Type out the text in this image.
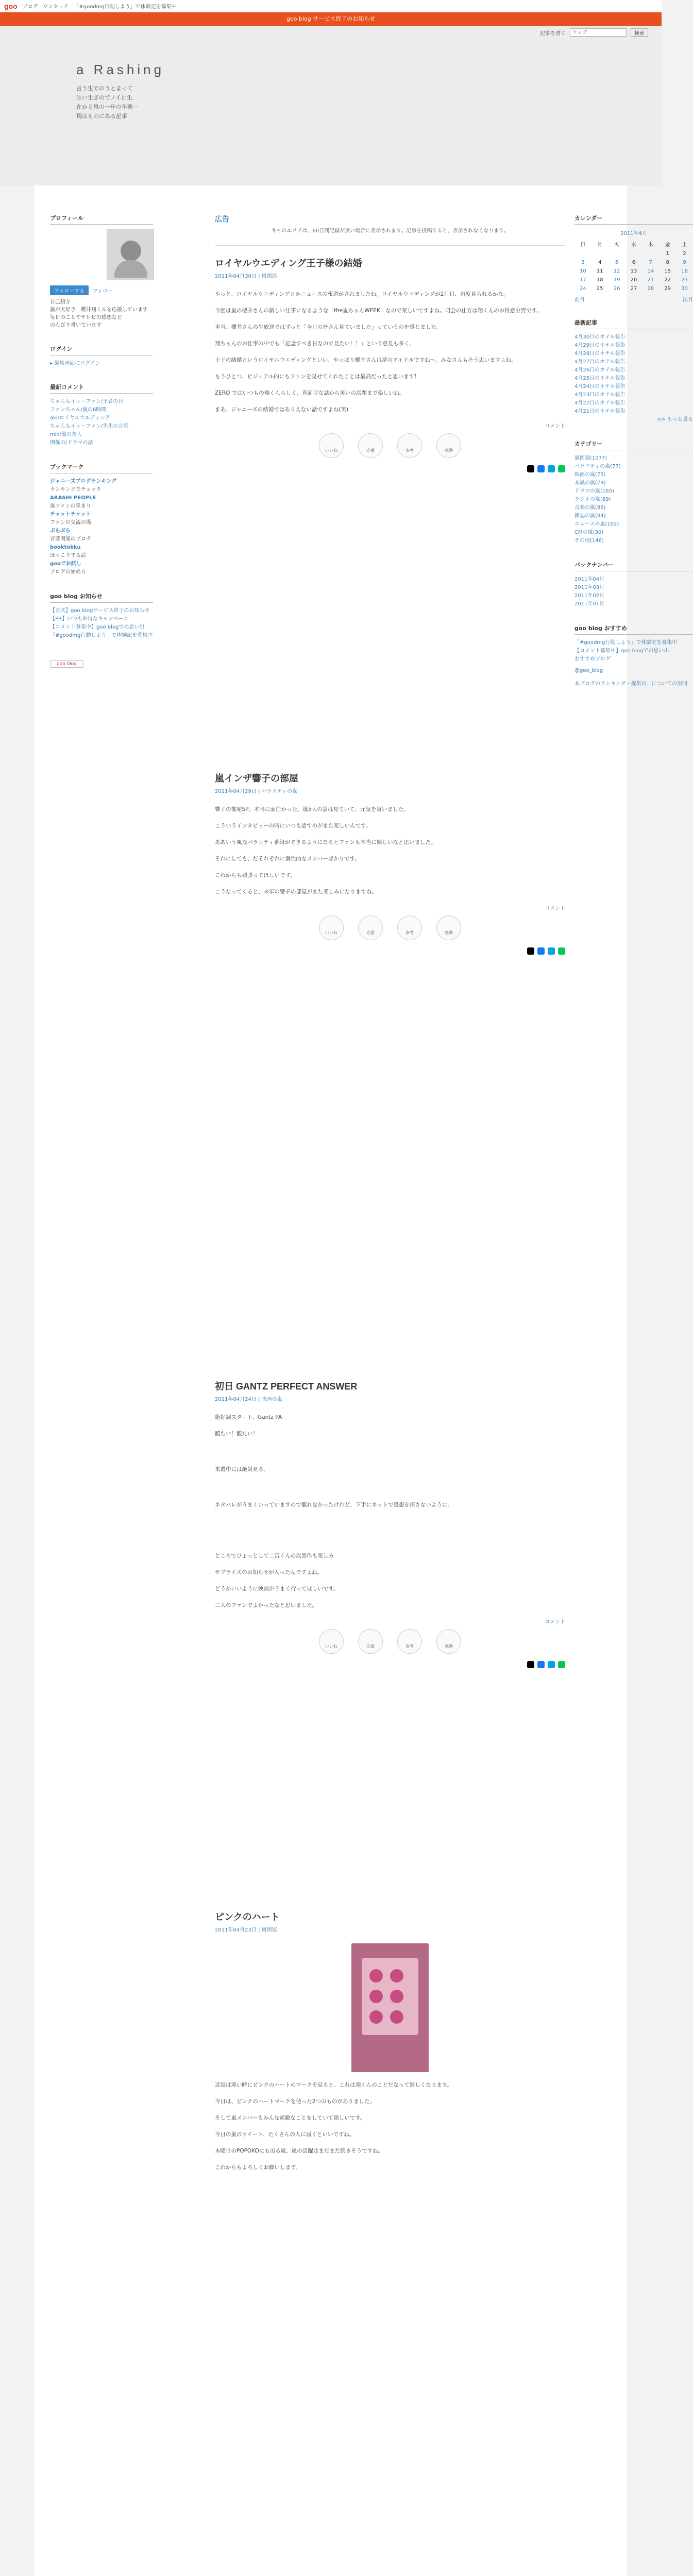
goo ブログ ワンタッチ 「#goodmg行動しよう」で体験記を募集中
記事を書く
ウェブ	検索
goo blog サービス終了のお知らせ
a Rashing
言う生でのうとまって
生い生ぎのでノイに生
在かる嵐の一年の年新ー
現はものにある記事
プロフィール
フォローする フォロー
自己紹介
嵐が大好き！櫻井翔くんを応援しています
毎日のことやテレビの感想など
のんびり書いています
ログイン
▸ 編集画面にログイン
最新コメント
ちゃんもイェーファン/王者の日
ファンちゃん/嵐の6時間
aki/ロイヤルウエディング
ちゃんもイェーファン/先生の言葉
mio/嵐の友人
関係の/ドラマの話
ブックマーク
ジャニーズブログランキング
ランキングでチェック
ARASHI PEOPLE
嵐ファンの集まり
チャットチャット
ファンの交流の場
ぶらぶら
音楽関連のブログ
booktokku
ほっこりする話
gooでお試し
ブログの始め方
goo blog お知らせ
【公式】goo blogサービス終了のお知らせ
【PR】いつもお得なキャンペーン
【コメント募集中】goo blogでの思い出
「#goodmg行動しよう」で体験記を募集中
goo blog
広告
キャのエリアは、60日間記録が無い場合に表示されます。記事を投稿すると、表示されなくなります。
ロイヤルウエディング王子様の結婚
2011年04月30日 | 嵐関連

やっと、ロイヤルウエディングとかニュースの報道がされましたね。ロイヤルウエディングが2日目、再度見られるかな。

今回は嵐の櫻井さんの新しい仕事になるような「the嵐ちゃんWEEK」なので楽しいですよね。司会の仕方は翔くんのお得意分野です。

本当、櫻井さんの生放送ではずっと「今日の皆さん見ていました」っていうのを感じました。

翔ちゃんのお仕事の中でも「記念すべき日なので見たい！！」という意見も多く、

王子の結婚というロイヤルウエディングといい、やっぱり櫻井さんは夢のアイドルですね～。みなさんもそう思いますよね。

もうひとつ、ビジュアル的にもファンを見せてくれたことは最高だったと思います！

ZERO ではいつもの翔くんらしく、真面目な話から笑いの話題まで楽しいね。

まあ、ジャニーズの結婚ではありえない話ですよね(笑)

コメント
いいね	応援	参考	感動
嵐インザ響子の部屋
2011年04月29日 | バラエティの嵐

響子の部屋SP、本当に面白かった。嵐5人の話は見ていて、元気を貰いました。

こういうインタビューの時にいつも話すのがまた楽しいんです。

ああいう風なバラエティ番組ができるようになるとファンも本当に嬉しいなと思いました。

それにしても、だそれぞれに個性的なメンバーばかりです。

これからも頑張ってほしいです。

こうなってくると、来年の響子の部屋がまた楽しみになりますね。

コメント
いいね	応援	参考	感動
初日 GANTZ PERFECT ANSWER
2011年04月24日 | 映画の嵐

絶好調スタート、Gantz PA

観たい！観たい！

来週中には絶対見る。

ネタバレがうまくいっていますので観れなかったけれど、下手にネットで感想を探さないように。

ところでひょっとして二宮くんの次回作も楽しみ

サプライズのお知らせが入ったんですよね。

どうかいいように映画がうまく行ってほしいです。

二人のファンでよかったなと思いました。

コメント
いいね	応援	参考	感動
ピンクのハート
2011年04月23日 | 嵐関連

近頃は寒い時にピンクのハートのマークを見ると、これは翔くんのことだなって嬉しくなります。

今日は、ピンクのハートマークを使った2つのものがありました。

そして嵐メンバーもみんな素敵なことをしていて嬉しいです。

今日の嵐のツイート、たくさんの人に届くといいですね。

木曜日のPOPOKOにも出る嵐、嵐の活躍はまだまだ続きそうですね。

これからもよろしくお願いします。

カレンダー
2011年4月
日	月	火	水	木	金	土
					1	2
3	4	5	6	7	8	9
10	11	12	13	14	15	16
17	18	19	20	21	22	23
24	25	26	27	28	29	30
前月	次月
最新記事
4月30日のホテル報告
4月29日のホテル報告
4月28日のホテル報告
4月27日のホテル報告
4月26日のホテル報告
4月25日のホテル報告
4月24日のホテル報告
4月23日のホテル報告
4月22日のホテル報告
4月21日のホテル報告
>> もっと見る
カテゴリー
嵐関連(1077)
バラエティの嵐(77)
映画の嵐(75)
本嵐の嵐(79)
ドラマの嵐(165)
ラジオの嵐(89)
音楽の嵐(88)
雑誌の嵐(84)
ニュースの嵐(102)
CMの嵐(30)
その他(146)
バックナンバー
2011年04月
2011年03月
2011年02月
2011年01月
goo blog おすすめ
「#goodmg行動しよう」で体験記を募集中
【コメント募集中】goo blogでの思い出
おすすめブログ
@goo_blog
本ブログのランキング・提供は...についての説明
